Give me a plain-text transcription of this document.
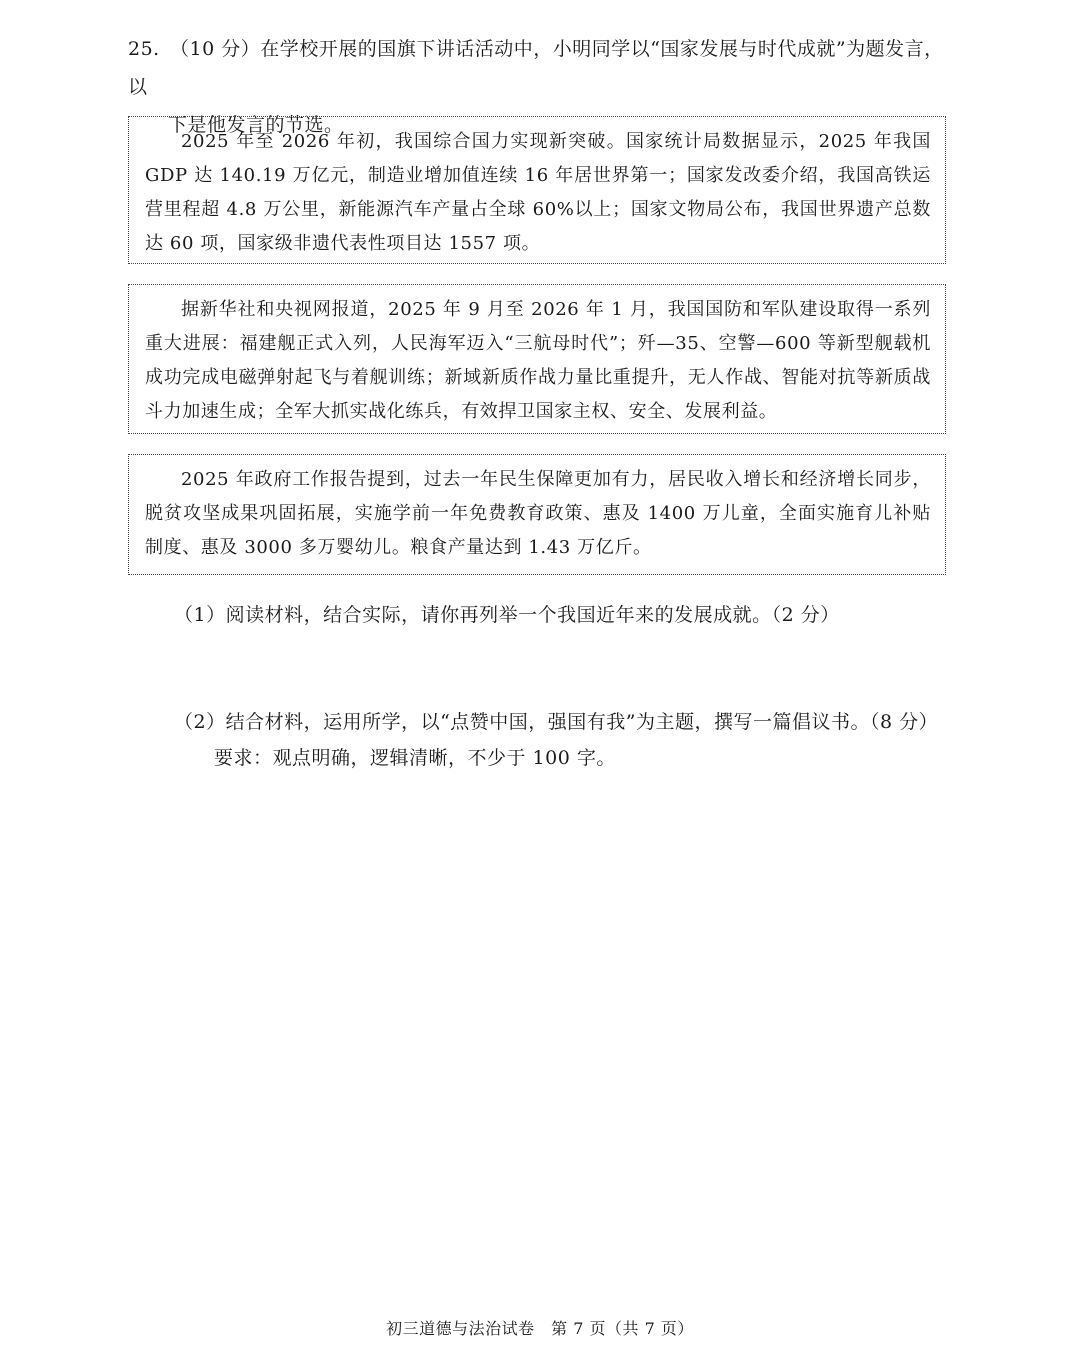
25. （10 分）在学校开展的国旗下讲话活动中，小明同学以“国家发展与时代成就”为题发言，以
下是他发言的节选。

2025 年至 2026 年初，我国综合国力实现新突破。国家统计局数据显示，2025 年我国 GDP 达 140.19 万亿元，制造业增加值连续 16 年居世界第一；国家发改委介绍，我国高铁运营里程超 4.8 万公里，新能源汽车产量占全球 60%以上；国家文物局公布，我国世界遗产总数达 60 项，国家级非遗代表性项目达 1557 项。

据新华社和央视网报道，2025 年 9 月至 2026 年 1 月，我国国防和军队建设取得一系列重大进展：福建舰正式入列，人民海军迈入“三航母时代”；歼—35、空警—600 等新型舰载机成功完成电磁弹射起飞与着舰训练；新域新质作战力量比重提升，无人作战、智能对抗等新质战斗力加速生成；全军大抓实战化练兵，有效捍卫国家主权、安全、发展利益。

2025 年政府工作报告提到，过去一年民生保障更加有力，居民收入增长和经济增长同步，脱贫攻坚成果巩固拓展，实施学前一年免费教育政策、惠及 1400 万儿童，全面实施育儿补贴制度、惠及 3000 多万婴幼儿。粮食产量达到 1.43 万亿斤。

（1）阅读材料，结合实际，请你再列举一个我国近年来的发展成就。（2 分）
（2）结合材料，运用所学，以“点赞中国，强国有我”为主题，撰写一篇倡议书。（8 分）
要求：观点明确，逻辑清晰，不少于 100 字。
初三道德与法治试卷　第 7 页（共 7 页）
